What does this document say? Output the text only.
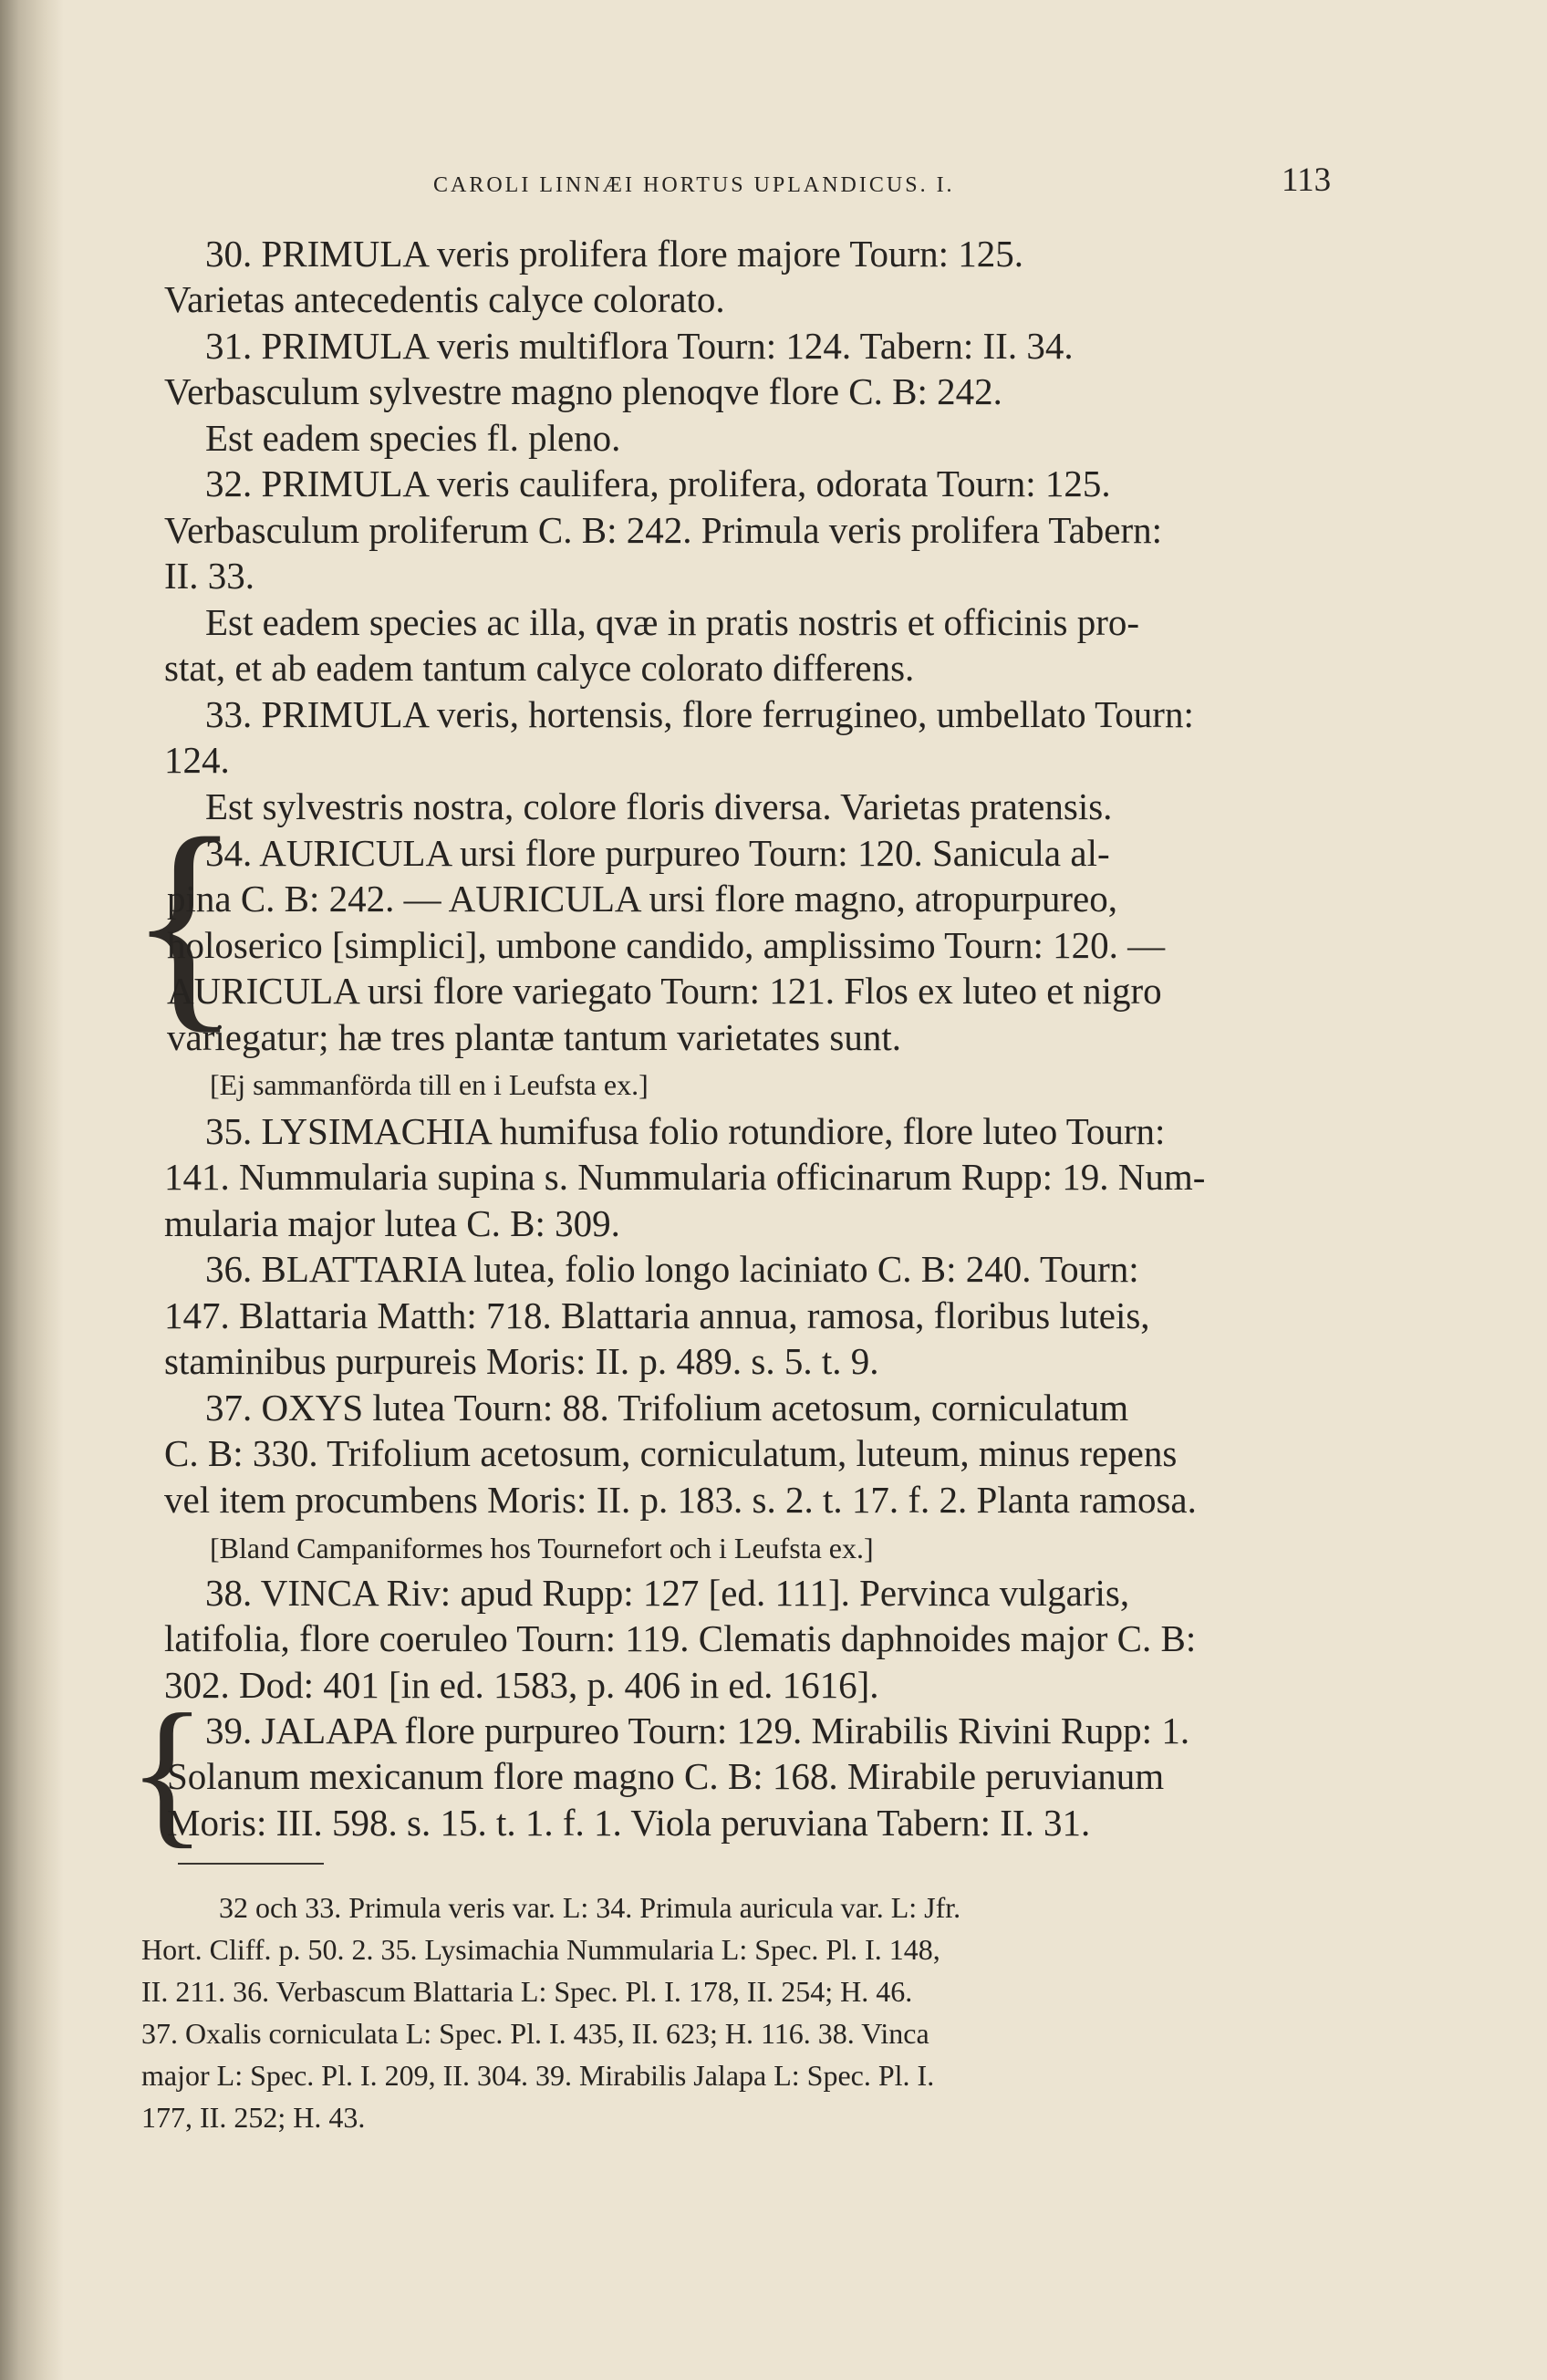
CAROLI LINNÆI HORTUS UPLANDICUS. I.	113
30. PRIMULA veris prolifera flore majore Tourn: 125.
Varietas antecedentis calyce colorato.
31. PRIMULA veris multiflora Tourn: 124. Tabern: II. 34.
Verbasculum sylvestre magno plenoqve flore C. B: 242.
Est eadem species fl. pleno.
32. PRIMULA veris caulifera, prolifera, odorata Tourn: 125.
Verbasculum proliferum C. B: 242. Primula veris prolifera Tabern:
II. 33.
Est eadem species ac illa, qvæ in pratis nostris et officinis pro-
stat, et ab eadem tantum calyce colorato differens.
33. PRIMULA veris, hortensis, flore ferrugineo, umbellato Tourn:
124.
Est sylvestris nostra, colore floris diversa. Varietas pratensis.
{
34. AURICULA ursi flore purpureo Tourn: 120. Sanicula al-
pina C. B: 242. — AURICULA ursi flore magno, atropurpureo,
holoserico [simplici], umbone candido, amplissimo Tourn: 120. —
AURICULA ursi flore variegato Tourn: 121. Flos ex luteo et nigro
variegatur; hæ tres plantæ tantum varietates sunt.
[Ej sammanförda till en i Leufsta ex.]
35. LYSIMACHIA humifusa folio rotundiore, flore luteo Tourn:
141. Nummularia supina s. Nummularia officinarum Rupp: 19. Num-
mularia major lutea C. B: 309.
36. BLATTARIA lutea, folio longo laciniato C. B: 240. Tourn:
147. Blattaria Matth: 718. Blattaria annua, ramosa, floribus luteis,
staminibus purpureis Moris: II. p. 489. s. 5. t. 9.
37. OXYS lutea Tourn: 88. Trifolium acetosum, corniculatum
C. B: 330. Trifolium acetosum, corniculatum, luteum, minus repens
vel item procumbens Moris: II. p. 183. s. 2. t. 17. f. 2. Planta ramosa.
[Bland Campaniformes hos Tournefort och i Leufsta ex.]
38. VINCA Riv: apud Rupp: 127 [ed. 111]. Pervinca vulgaris,
latifolia, flore coeruleo Tourn: 119. Clematis daphnoides major C. B:
302. Dod: 401 [in ed. 1583, p. 406 in ed. 1616].
{
39. JALAPA flore purpureo Tourn: 129. Mirabilis Rivini Rupp: 1.
Solanum mexicanum flore magno C. B: 168. Mirabile peruvianum
Moris: III. 598. s. 15. t. 1. f. 1. Viola peruviana Tabern: II. 31.
32 och 33. Primula veris var. L: 34. Primula auricula var. L: Jfr.
Hort. Cliff. p. 50. 2. 35. Lysimachia Nummularia L: Spec. Pl. I. 148,
II. 211. 36. Verbascum Blattaria L: Spec. Pl. I. 178, II. 254; H. 46.
37. Oxalis corniculata L: Spec. Pl. I. 435, II. 623; H. 116. 38. Vinca
major L: Spec. Pl. I. 209, II. 304. 39. Mirabilis Jalapa L: Spec. Pl. I.
177, II. 252; H. 43.
